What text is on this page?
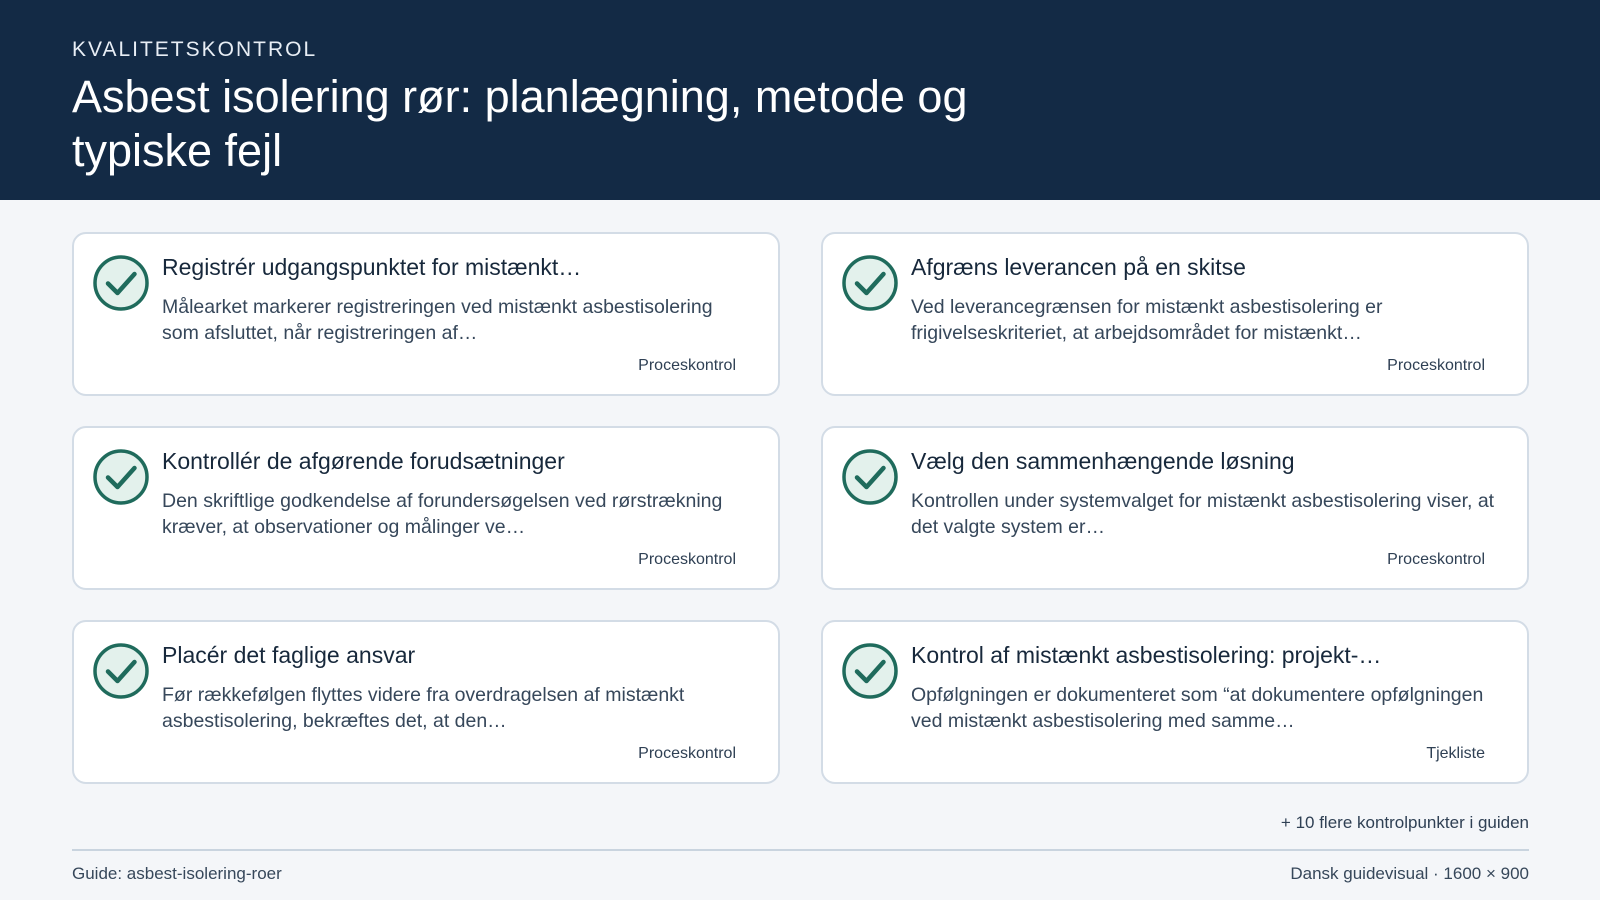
KVALITETSKONTROL
Asbest isolering rør: planlægning, metode og typiske fejl
Registrér udgangspunktet for mistænkt…
Målearket markerer registreringen ved mistænkt asbestisolering som afsluttet, når registreringen af…
Proceskontrol
Afgræns leverancen på en skitse
Ved leverancegrænsen for mistænkt asbestisolering er frigivelseskriteriet, at arbejdsområdet for mistænkt…
Proceskontrol
Kontrollér de afgørende forudsætninger
Den skriftlige godkendelse af forundersøgelsen ved rørstrækning kræver, at observationer og målinger ve…
Proceskontrol
Vælg den sammenhængende løsning
Kontrollen under systemvalget for mistænkt asbestisolering viser, at det valgte system er…
Proceskontrol
Placér det faglige ansvar
Før rækkefølgen flyttes videre fra overdragelsen af mistænkt asbestisolering, bekræftes det, at den…
Proceskontrol
Kontrol af mistænkt asbestisolering: projekt-…
Opfølgningen er dokumenteret som “at dokumentere opfølgningen ved mistænkt asbestisolering med samme…
Tjekliste
+ 10 flere kontrolpunkter i guiden
Guide: asbest-isolering-roer	Dansk guidevisual · 1600 × 900
